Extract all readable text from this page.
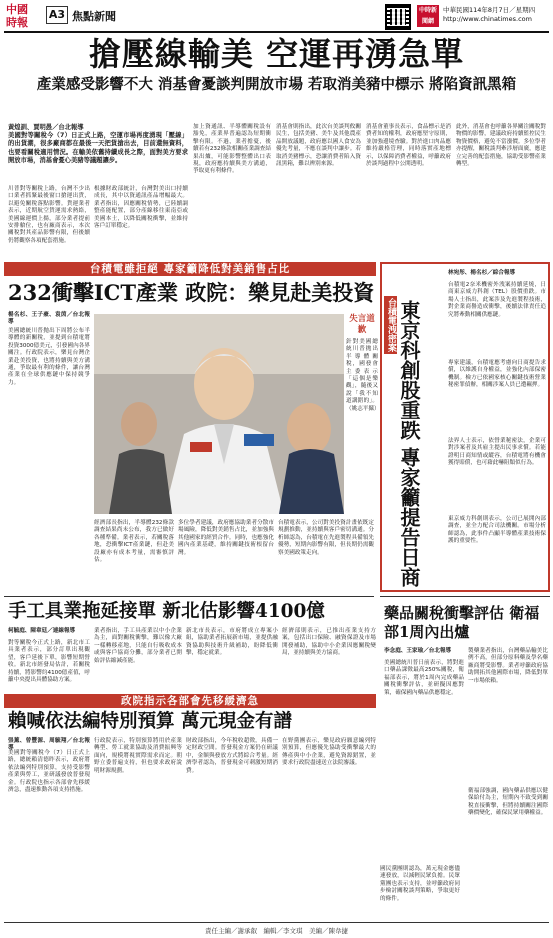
中國
時報
A3 焦點新聞	中時新聞網
中華民國114年8月7日／星期四
http://www.chinatimes.com
搶壓線輸美 空運再湧急單
產業感受影響不大 消基會憂談判開放市場 若取消美豬中標示 將陷資訊黑箱
黃煌訓、賈明愚／台北報導
美國對等關稅今（7）日正式上路，空運市場再度湧現「壓線」的出貨潮，很多廠商都在最後一天把貨搶出去，目前還無資料，也要看關稅適用情況。在輸美依舊持續成長之際，面對美方要求開放市場，消基會憂心美豬等議題讓步。
川普對等關稅上路，台灣不少出口業者抓緊最後窗口搶運出貨，以避免關稅落點影響。貨運業者表示，近期航空貨運需求熱絡，美國線運價上揚，部分業者提前安排艙位，也有廠商表示，本次關稅對其產品影響有限，但後續仍將觀察各項配套措施。
根據財政部統計，台灣對美出口持續成長，其中以資通訊產品增幅最大。業者指出，因應關稅情勢，已陸續調整產能配置，部分產線移往東南亞或美國本土，以降低關稅衝擊，並維持客戶訂單穩定。
加上資通訊、半導體關稅設有豁免，產業界普遍認為短期衝擊有限。不過，業者擔憂，後續若有232條款相關產業調查結果出爐，可能影響整體出口表現，政府應持續與美方溝通，爭取更有利條件。
消基會則指出，此次台美談判攸關民生，包括美豬、美牛及其他農產品開放議題，政府應以國人食安為優先考量，不應在談判中讓步。若取消美豬標示，恐讓消費者陷入資訊黑箱，難以辨別來源。
消基會董事長表示，食品標示是消費者知的權利，政府應堅守原則，並加強邊境查驗。對於進口肉品應維持嚴格管理，同時落實產地標示，以保障消費者權益，呼籲政府於談判過程中公開透明。
此外，消基會也呼籲各界關注關稅對物價的影響，建議政府持續監控民生物資價格，避免不當漲價。多位學者亦提醒，關稅談判牽涉層面廣，應建立完善的配套措施，協助受影響產業轉型。
台積電雖拒絕 專家籲降低對美銷售占比
232衝擊ICT產業 政院：樂見赴美投資
楊名杉、王子豪、袁茵／台北報導
美國總統川普抛出下周將公布半導體的新關稅，並提到台積電將投資3000億美元，引發國內各界關注。行政院表示，樂見台灣企業赴美投資，也將持續與美方溝通，爭取最有利的條件，讓台灣產業在全球供應鏈中保持競爭力。
經濟部長指出，半導體232條款調查結果尚未公布，我方已做好各種準備。業者表示，若關稅落地，恐衝擊ICT產業鏈，但赴美設廠亦有成本考量，需審慎評估。
多位學者建議，政府應協助業者分散市場風險，降低對美銷售占比，並加強與其他國家的經貿合作。同時，也應強化國內產業基礎，維持關鍵技術根留台灣。
台積電表示，公司對美投資計畫依既定規劃推動，並持續與客戶密切溝通。分析師認為，台積電在先進製程具備領先優勢，短期內影響有限，但長期仍需觀察美國政策走向。
失言道歉
針對美國總統川普抛出半導體關稅，國發會主委表示「這個是樂觀」，隨後又說「我不知道講錯的」。（姚志平攝）
台積電洩密案 東京科創股重跌 專家籲提告日商
林宛彤、楊名杉／綜合報導
台積電2奈米機密外洩案持續延燒，日商東京威力科創（TEL）股價重跌。市場人士指出，此案涉及先進製程技術，對企業商譽造成衝擊，後續法律責任追究將牽動相關供應鏈。
專家建議，台積電應考慮向日商提告求償，以維護自身權益，並強化內部保密機制。檢方已依國家核心關鍵技術營業秘密罪偵辦，相關涉案人員已遭羈押。
法界人士表示，依營業秘密法，企業可對涉案者及其雇主提出民事求償。若能證明日商知情或縱容，台積電將有機會獲得賠償，也可藉此嚇阻類似行為。
東京威力科創則表示，公司已展開內部調查，並全力配合司法機關。市場分析師認為，此事件凸顯半導體產業技術保護的重要性。
手工具業拖延接單 新北估影響4100億
柯毓庭、陳韋廷／連線報導
對等關稅今正式上路，新北市工具業者表示，部分訂單出現觀望，客戶延後下單，影響短期營收。新北市經發局估計，若關稅持續，將影響約4100億產值，呼籲中央提出具體協助方案。
業者指出，手工具產業以中小企業為主，面對關稅衝擊，難以像大廠一樣轉移產地，只能自行吸收成本或與客戶協商分攤，部分業者已開始評估縮減產能。
新北市長表示，市府將成立專案小組，協助業者拓展新市場，並提供融資協助與技術升級補助，盼降低衝擊，穩定就業。
經濟部則表示，已推出產業支持方案，包括出口保險、融資保證及市場開發補助，協助中小企業因應關稅變局，並持續與美方協商。
政院指示各部會先移緩濟急
賴喊依法編特別預算 萬元現金有譜
張薰、曾豐源、周毓翔／台北報導
美國對等關稅今（7）日正式上路，總統賴清德昨表示，政府將依法編列特別預算，支持受影響產業與勞工，並研議發放普發現金。行政院也指示各部會先移緩濟急，盡速推動各項支持措施。
行政院表示，特別預算將用於產業轉型、勞工就業協助及消費振興等面向，規模將視實際需求而定。朝野立委普遍支持，但也要求政府說明財源規劃。
財政部指出，今年稅收超徵，具備一定財政空間。普發現金方案仍在研議中，金額與發放方式將綜合考量。經濟學者認為，普發現金可刺激短期消費。
在野黨團表示，樂見政府願意編列特別預算，但應優先協助受衝擊最大的傳產與中小企業，避免資源錯置，並要求行政院盡速送立法院審議。
國民黨團則認為，萬元現金應儘速發放，以減輕民眾負擔。民眾黨團也表示支持，並呼籲政府同步檢討關稅談判策略，爭取更好的條件。
藥品關稅衝擊評估 衛福部1周內出爐
李念庭、王家瑜／台北報導
美國總統川普日前表示，將對進口藥品課徵最高250%關稅，衛福部表示，將於1周內完成藥品關稅衝擊評估，並研擬因應對策，確保國內藥品供應穩定。
製藥業者指出，台灣藥品輸美比例不高，但部分原料藥及學名藥廠商將受影響。業者呼籲政府協助開拓其他國際市場，降低對單一市場依賴。
衛福部強調，國內藥品供應以健保給付為主，短期內不致受到關稅直接衝擊，但將持續關注國際藥價變化，確保民眾用藥權益。
責任主編／謝承叡　編輯／李文琪　美編／陳韋捷
